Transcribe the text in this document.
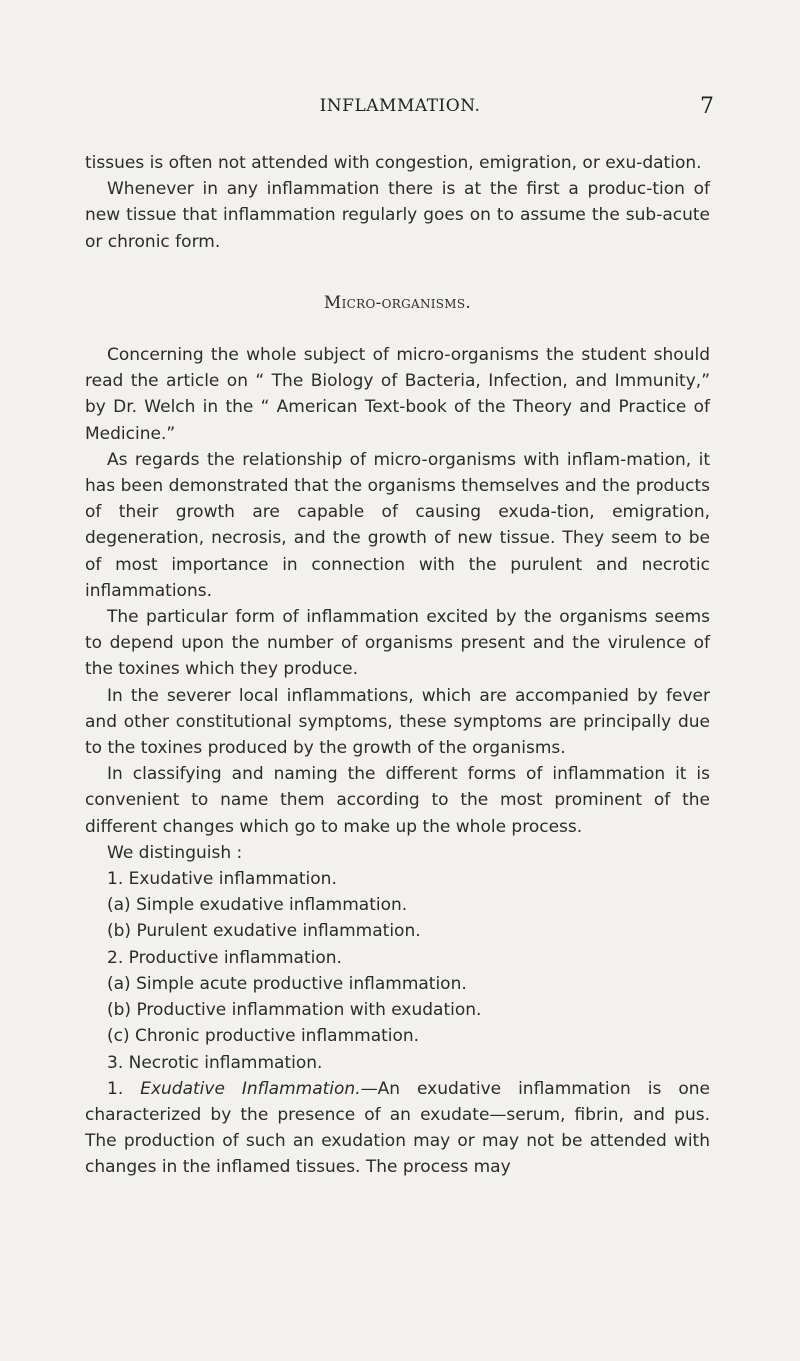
INFLAMMATION.	7

tissues is often not attended with congestion, emigration, or exu-dation.

Whenever in any inflammation there is at the first a produc-tion of new tissue that inflammation regularly goes on to assume the sub-acute or chronic form.

Micro-organisms.

Concerning the whole subject of micro-organisms the student should read the article on “ The Biology of Bacteria, Infection, and Immunity,” by Dr. Welch in the “ American Text-book of the Theory and Practice of Medicine.”

As regards the relationship of micro-organisms with inflam-mation, it has been demonstrated that the organisms themselves and the products of their growth are capable of causing exuda-tion, emigration, degeneration, necrosis, and the growth of new tissue. They seem to be of most importance in connection with the purulent and necrotic inflammations.

The particular form of inflammation excited by the organisms seems to depend upon the number of organisms present and the virulence of the toxines which they produce.

In the severer local inflammations, which are accompanied by fever and other constitutional symptoms, these symptoms are principally due to the toxines produced by the growth of the organisms.

In classifying and naming the different forms of inflammation it is convenient to name them according to the most prominent of the different changes which go to make up the whole process.

We distinguish :

1. Exudative inflammation.
(a) Simple exudative inflammation.
(b) Purulent exudative inflammation.
2. Productive inflammation.
(a) Simple acute productive inflammation.
(b) Productive inflammation with exudation.
(c) Chronic productive inflammation.
3. Necrotic inflammation.

1. Exudative Inflammation.—An exudative inflammation is one characterized by the presence of an exudate—serum, fibrin, and pus. The production of such an exudation may or may not be attended with changes in the inflamed tissues. The process may
